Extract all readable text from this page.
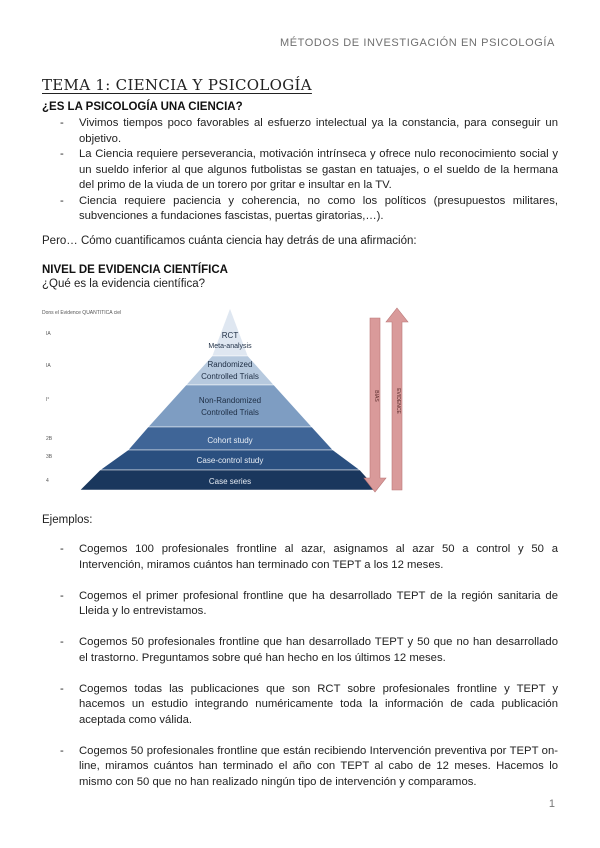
MÉTODOS DE INVESTIGACIÓN EN PSICOLOGÍA
TEMA 1: CIENCIA Y PSICOLOGÍA
¿ES LA PSICOLOGÍA UNA CIENCIA?
- Vivimos tiempos poco favorables al esfuerzo intelectual ya la constancia, para conseguir un objetivo.
- La Ciencia requiere perseverancia, motivación intrínseca y ofrece nulo reconocimiento social y un sueldo inferior al que algunos futbolistas se gastan en tatuajes, o el sueldo de la hermana del primo de la viuda de un torero por gritar e insultar en la TV.
- Ciencia requiere paciencia y coherencia, no como los políticos (presupuestos militares, subvenciones a fundaciones fascistas, puertas giratorias,…).
Pero… Cómo cuantificamos cuánta ciencia hay detrás de una afirmación:
NIVEL DE EVIDENCIA CIENTÍFICA
¿Qué es la evidencia científica?
Dons el Evidence QUANTITICA ciel
IA
IA
I°
2B
3B
4
RCT
Meta-analysis
Randomized
Controlled Trials
Non-Randomized
Controlled Trials
Cohort study
Case-control study
Case series
BIAS	EVIDENCE
Ejemplos:
- Cogemos 100 profesionales frontline al azar, asignamos al azar 50 a control y 50 a Intervención, miramos cuántos han terminado con TEPT a los 12 meses.
- Cogemos el primer profesional frontline que ha desarrollado TEPT de la región sanitaria de Lleida y lo entrevistamos.
- Cogemos 50 profesionales frontline que han desarrollado TEPT y 50 que no han desarrollado el trastorno. Preguntamos sobre qué han hecho en los últimos 12 meses.
- Cogemos todas las publicaciones que son RCT sobre profesionales frontline y TEPT y hacemos un estudio integrando numéricamente toda la información de cada publicación aceptada como válida.
- Cogemos 50 profesionales frontline que están recibiendo Intervención preventiva por TEPT on-line, miramos cuántos han terminado el año con TEPT al cabo de 12 meses. Hacemos lo mismo con 50 que no han realizado ningún tipo de intervención y comparamos.
1
